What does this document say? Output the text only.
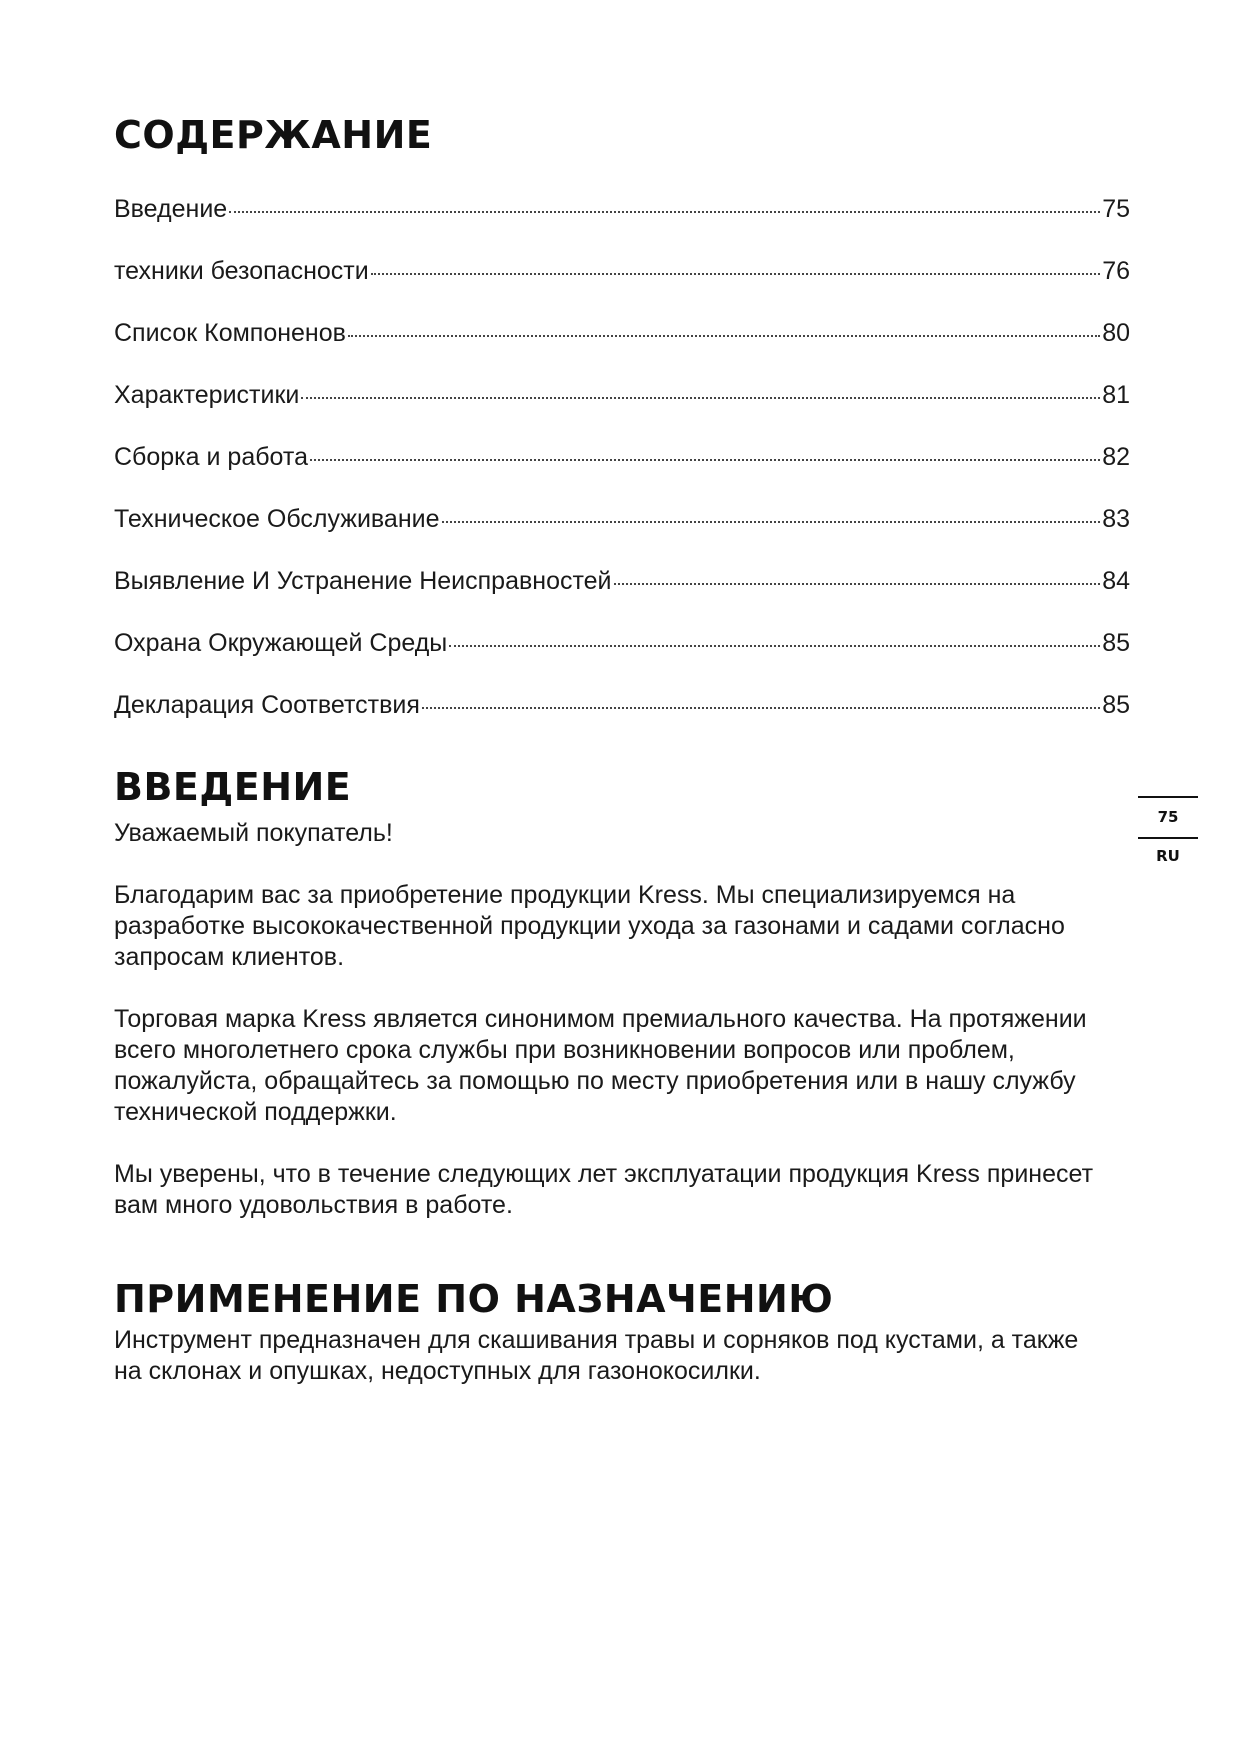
СОДЕРЖАНИЕ
Введение	75
техники безопасности	76
Список Компоненов	80
Характеристики	81
Сборка и работа	82
Техническое Обслуживание	83
Выявление И Устранение Неисправностей	84
Охрана Окружающей Среды	85
Декларация Соответствия	85
ВВЕДЕНИЕ

Уважаемый покупатель!

Благодарим вас за приобретение продукции Kress. Мы специализируемся на разработке высококачественной продукции ухода за газонами и садами согласно запросам клиентов.

Торговая марка Kress является синонимом премиального качества. На протяжении всего многолетнего срока службы при возникновении вопросов или проблем, пожалуйста, обращайтесь за помощью по месту приобретения или в нашу службу технической поддержки.

Мы уверены, что в течение следующих лет эксплуатации продукция Kress принесет вам много удовольствия в работе.

ПРИМЕНЕНИЕ ПО НАЗНАЧЕНИЮ

Инструмент предназначен для скашивания травы и сорняков под кустами, а также на склонах и опушках, недоступных для газонокосилки.

75
RU
